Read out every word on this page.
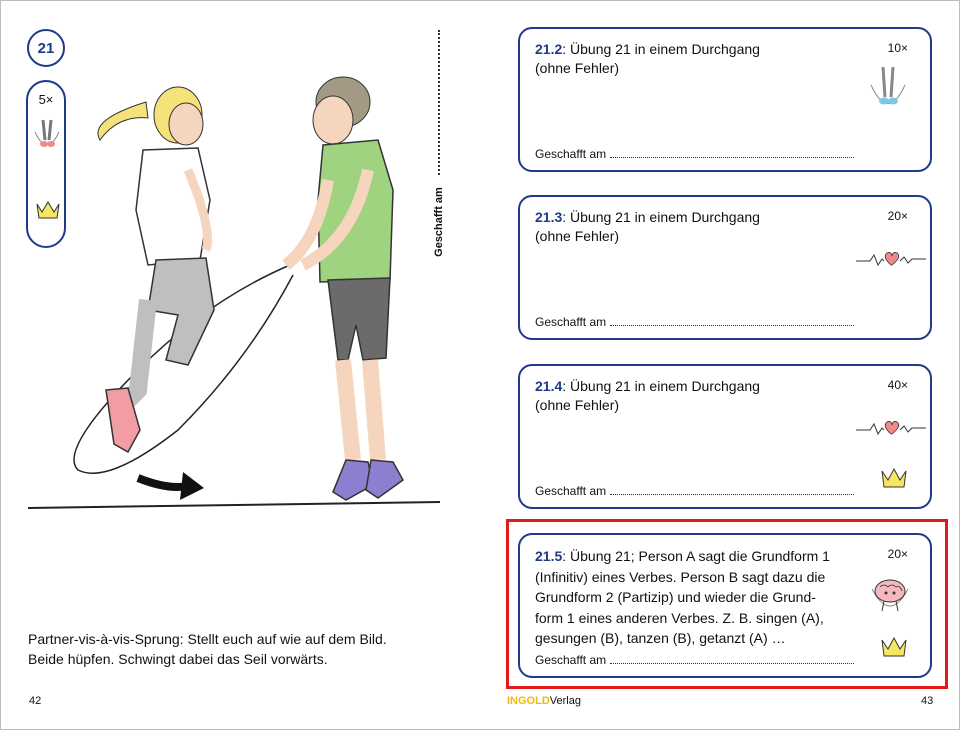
21
5×
Geschafft am
Partner-vis-à-vis-Sprung: Stellt euch auf wie auf dem Bild.
Beide hüpfen. Schwingt dabei das Seil vorwärts.
42
21.2: Übung 21 in einem Durchgang
(ohne Fehler)
10×
Geschafft am
21.3: Übung 21 in einem Durchgang
(ohne Fehler)
20×
Geschafft am
21.4: Übung 21 in einem Durchgang
(ohne Fehler)
40×
Geschafft am
21.5: Übung 21; Person A sagt die Grundform 1
(Infinitiv) eines Verbes. Person B sagt dazu die
Grundform 2 (Partizip) und wieder die Grund-
form 1 eines anderen Verbes. Z. B. singen (A),
gesungen (B), tanzen (B), getanzt (A) …
20×
Geschafft am
INGOLDVerlag	43
